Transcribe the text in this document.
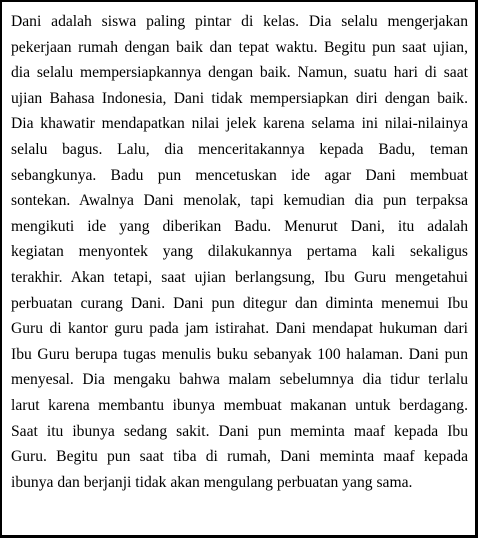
Dani adalah siswa paling pintar di kelas. Dia selalu mengerjakan
pekerjaan rumah dengan baik dan tepat waktu. Begitu pun saat ujian,
dia selalu mempersiapkannya dengan baik. Namun, suatu hari di saat
ujian Bahasa Indonesia, Dani tidak mempersiapkan diri dengan baik.
Dia khawatir mendapatkan nilai jelek karena selama ini nilai-nilainya
selalu bagus. Lalu, dia menceritakannya kepada Badu, teman
sebangkunya. Badu pun mencetuskan ide agar Dani membuat
sontekan. Awalnya Dani menolak, tapi kemudian dia pun terpaksa
mengikuti ide yang diberikan Badu. Menurut Dani, itu adalah
kegiatan menyontek yang dilakukannya pertama kali sekaligus
terakhir. Akan tetapi, saat ujian berlangsung, Ibu Guru mengetahui
perbuatan curang Dani. Dani pun ditegur dan diminta menemui Ibu
Guru di kantor guru pada jam istirahat. Dani mendapat hukuman dari
Ibu Guru berupa tugas menulis buku sebanyak 100 halaman. Dani pun
menyesal. Dia mengaku bahwa malam sebelumnya dia tidur terlalu
larut karena membantu ibunya membuat makanan untuk berdagang.
Saat itu ibunya sedang sakit. Dani pun meminta maaf kepada Ibu
Guru. Begitu pun saat tiba di rumah, Dani meminta maaf kepada
ibunya dan berjanji tidak akan mengulang perbuatan yang sama.
